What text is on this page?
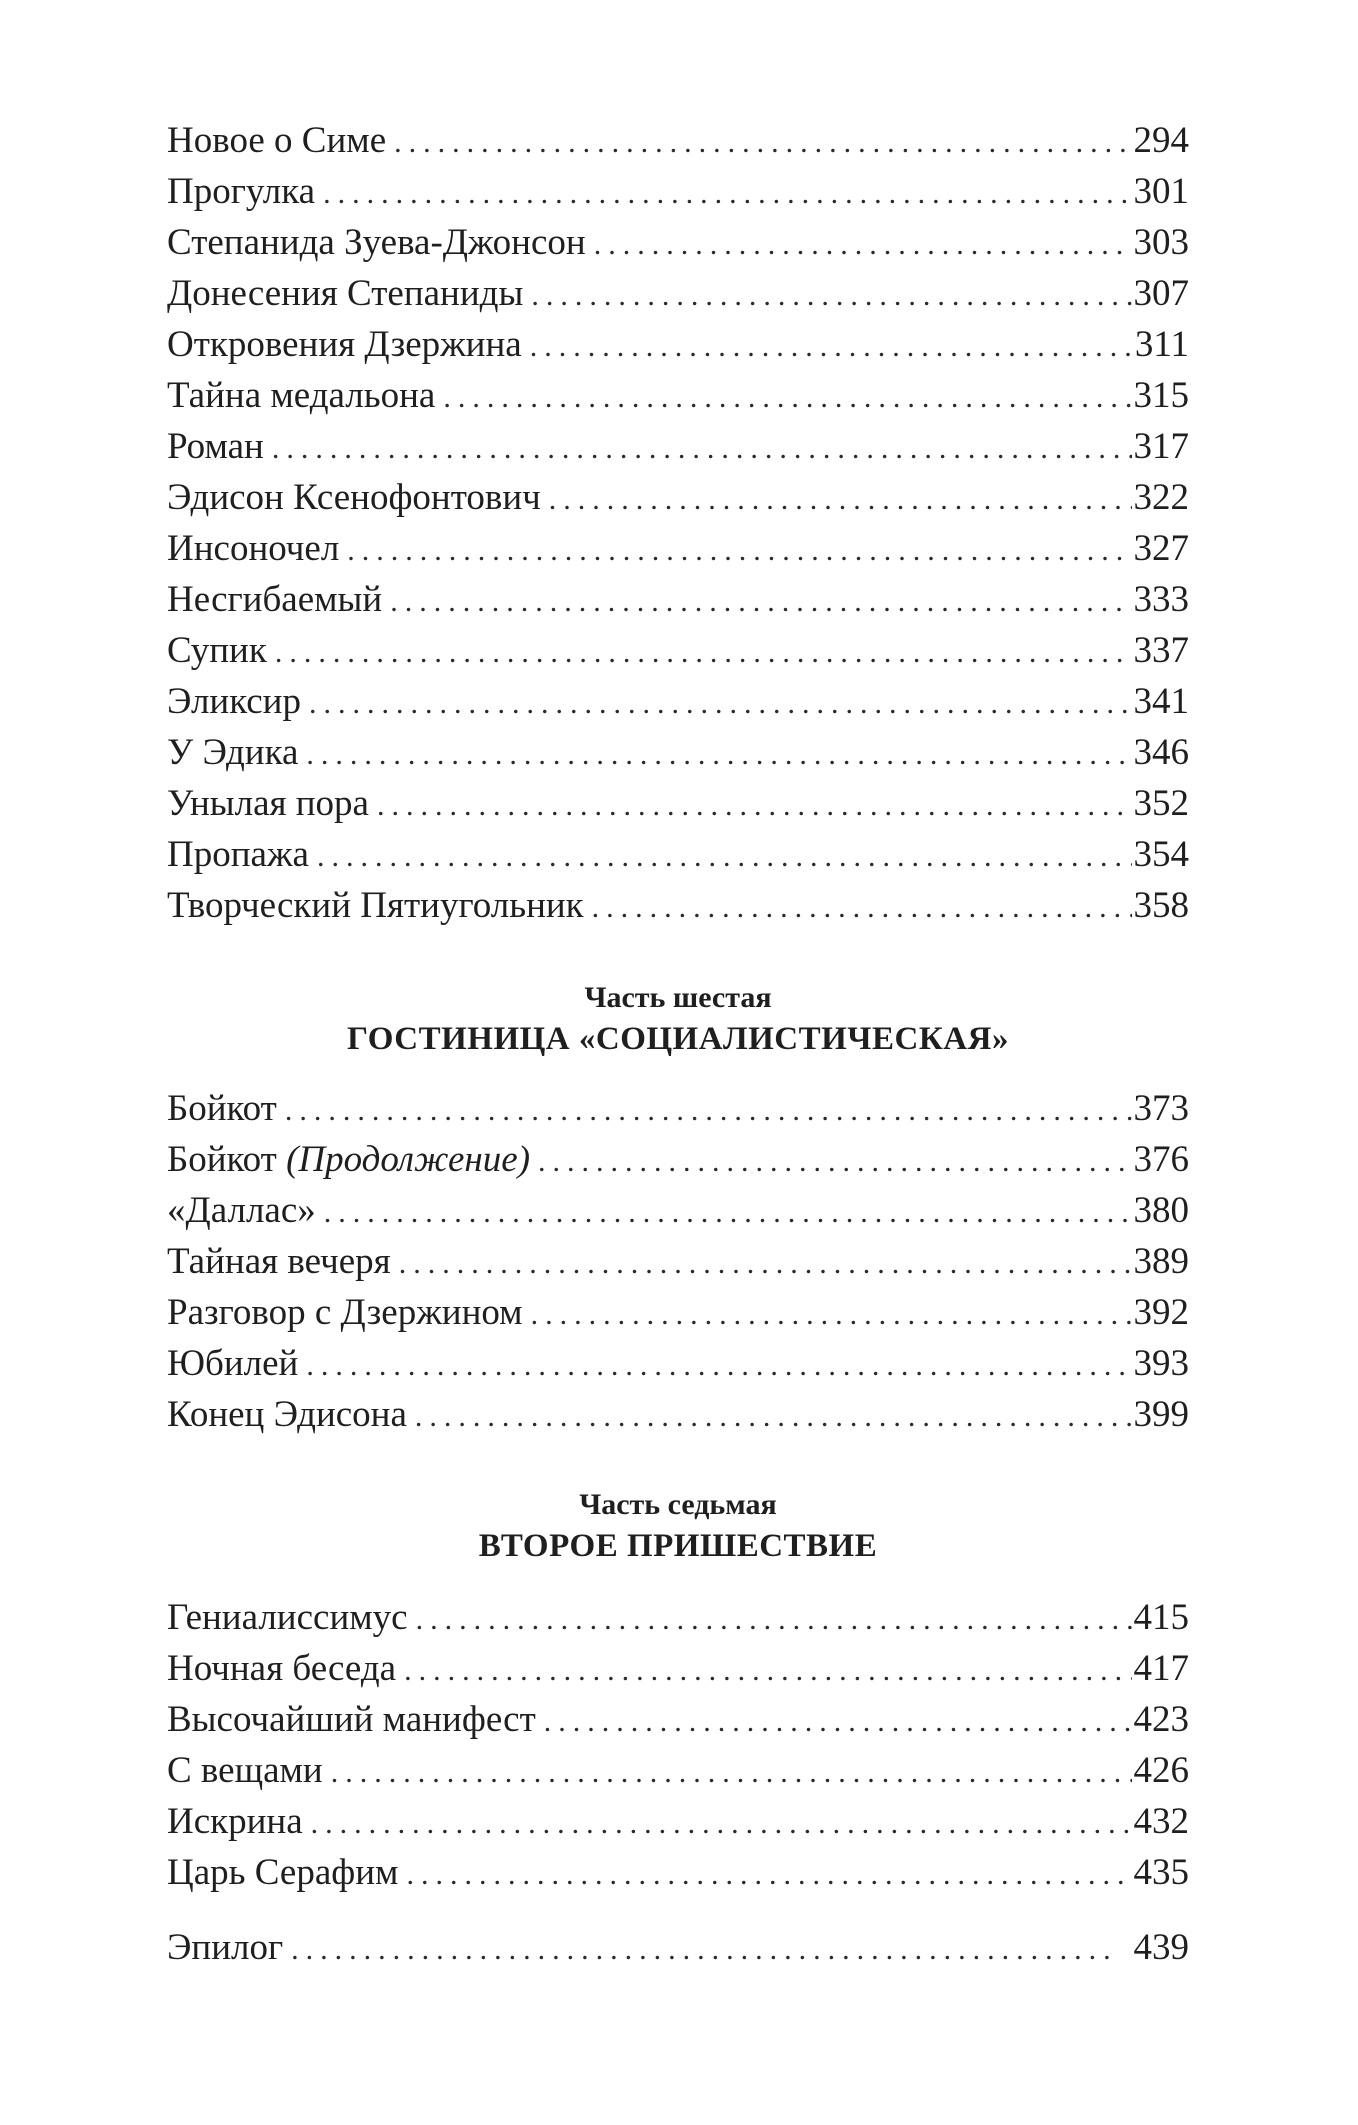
Новое о Симе .....	294
Прогулка .....	301
Степанида Зуева-Джонсон .....	303
Донесения Степаниды .....	307
Откровения Дзержина .....	311
Тайна медальона .....	315
Роман .....	317
Эдисон Ксенофонтович .....	322
Инсоночел .....	327
Несгибаемый .....	333
Супик .....	337
Эликсир .....	341
У Эдика .....	346
Унылая пора .....	352
Пропажа .....	354
Творческий Пятиугольник .....	358
Часть шестая
ГОСТИНИЦА «СОЦИАЛИСТИЧЕСКАЯ»
Бойкот .....	373
Бойкот (Продолжение) .....	376
«Даллас» .....	380
Тайная вечеря .....	389
Разговор с Дзержином .....	392
Юбилей .....	393
Конец Эдисона .....	399
Часть седьмая
ВТОРОЕ ПРИШЕСТВИЕ
Гениалиссимус .....	415
Ночная беседа .....	417
Высочайший манифест .....	423
С вещами .....	426
Искрина .....	432
Царь Серафим .....	435
Эпилог .....	439
